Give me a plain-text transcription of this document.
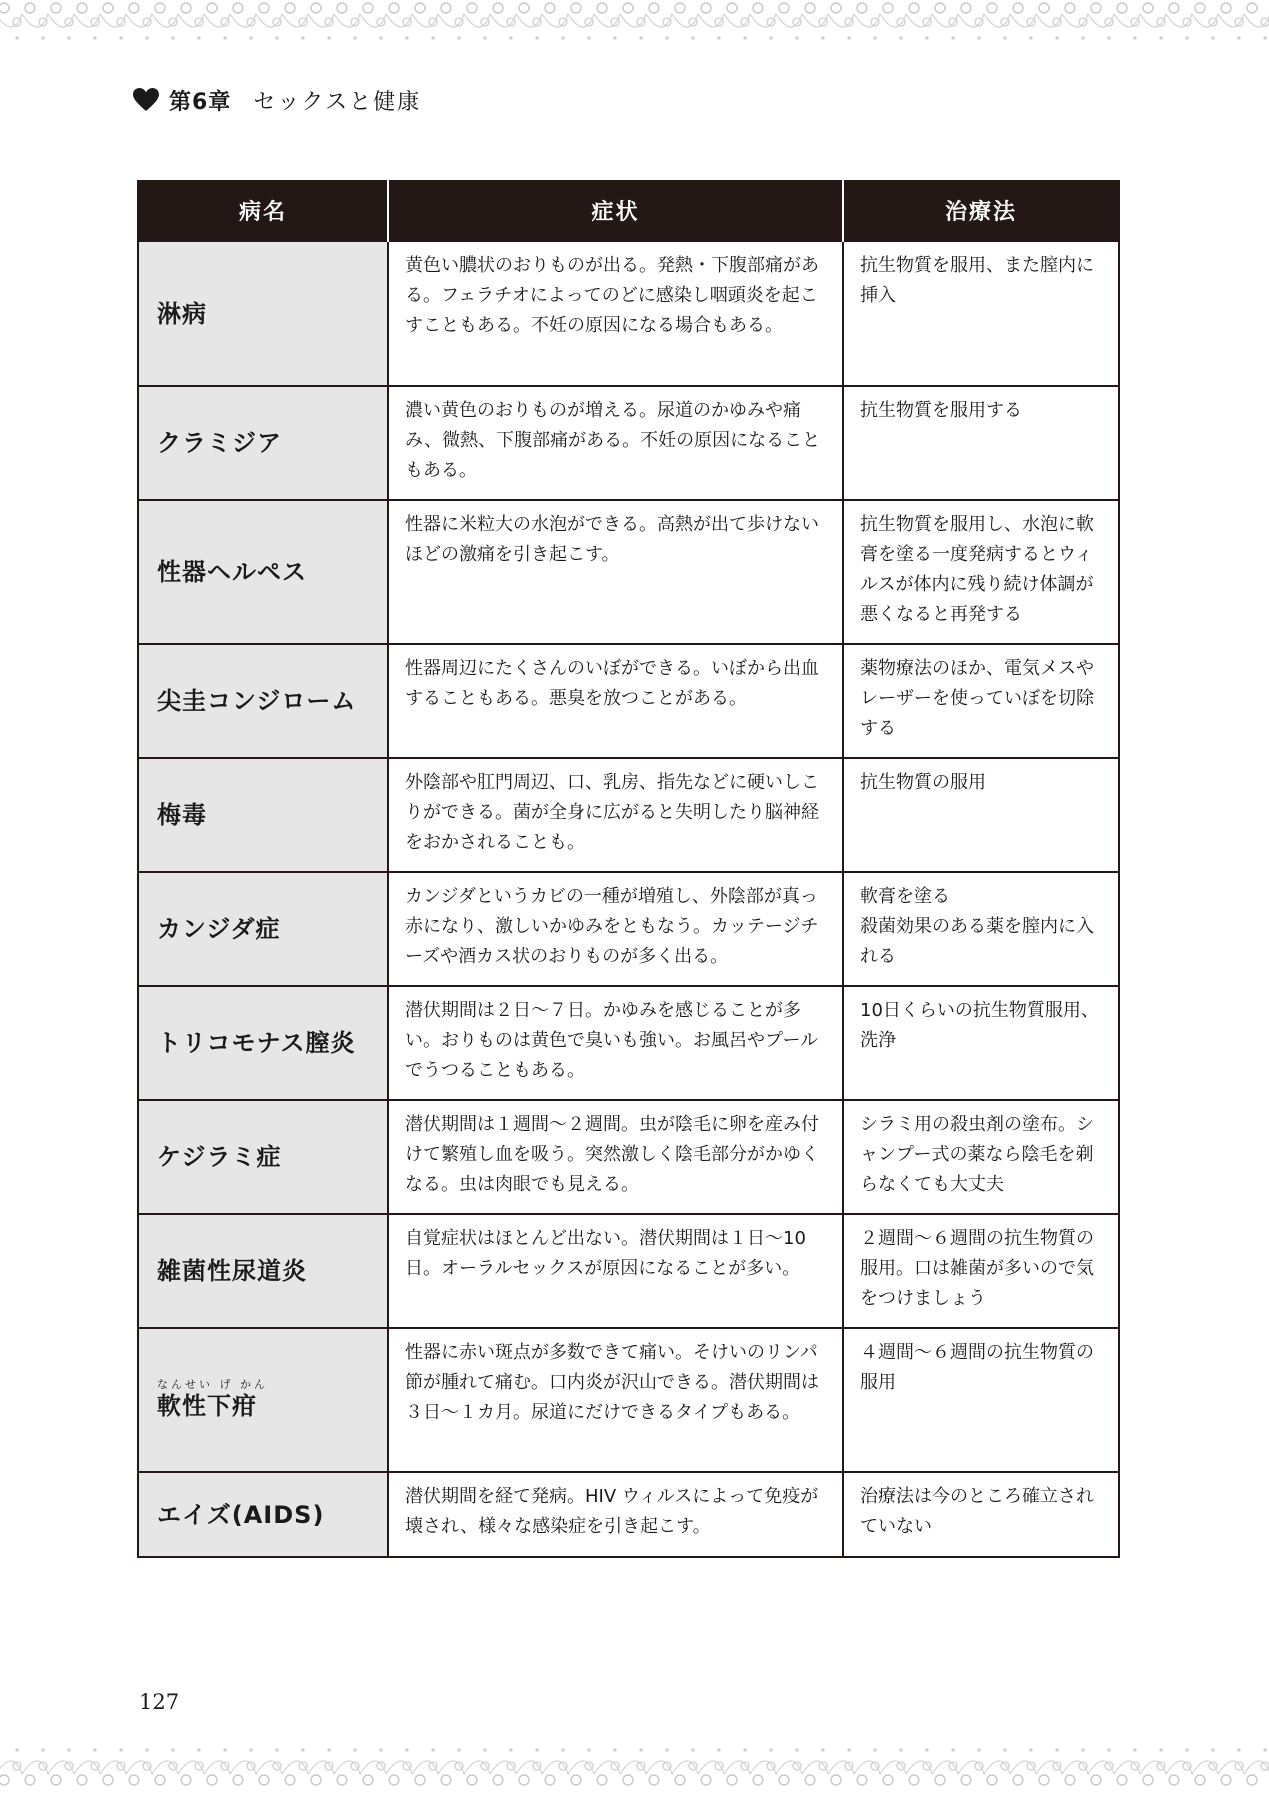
第6章 セックスと健康
病名	症状	治療法
淋病	黄色い膿状のおりものが出る。発熱・下腹部痛がある。フェラチオによってのどに感染し咽頭炎を起こすこともある。不妊の原因になる場合もある。	抗生物質を服用、また膣内に挿入
クラミジア	濃い黄色のおりものが増える。尿道のかゆみや痛み、微熱、下腹部痛がある。不妊の原因になることもある。	抗生物質を服用する
性器ヘルペス	性器に米粒大の水泡ができる。高熱が出て歩けないほどの激痛を引き起こす。	抗生物質を服用し、水泡に軟膏を塗る一度発病するとウィルスが体内に残り続け体調が悪くなると再発する
尖圭コンジローム	性器周辺にたくさんのいぼができる。いぼから出血することもある。悪臭を放つことがある。	薬物療法のほか、電気メスやレーザーを使っていぼを切除する
梅毒	外陰部や肛門周辺、口、乳房、指先などに硬いしこりができる。菌が全身に広がると失明したり脳神経をおかされることも。	抗生物質の服用
カンジダ症	カンジダというカビの一種が増殖し、外陰部が真っ赤になり、激しいかゆみをともなう。カッテージチーズや酒カス状のおりものが多く出る。	軟膏を塗る
殺菌効果のある薬を膣内に入れる
トリコモナス膣炎	潜伏期間は２日～７日。かゆみを感じることが多い。おりものは黄色で臭いも強い。お風呂やプールでうつることもある。	10日くらいの抗生物質服用、洗浄
ケジラミ症	潜伏期間は１週間～２週間。虫が陰毛に卵を産み付けて繁殖し血を吸う。突然激しく陰毛部分がかゆくなる。虫は肉眼でも見える。	シラミ用の殺虫剤の塗布。シャンプー式の薬なら陰毛を剃らなくても大丈夫
雑菌性尿道炎	自覚症状はほとんど出ない。潜伏期間は１日～10日。オーラルセックスが原因になることが多い。	２週間～６週間の抗生物質の服用。口は雑菌が多いので気をつけましょう

なんせい げ かん
軟性下疳	性器に赤い斑点が多数できて痛い。そけいのリンパ節が腫れて痛む。口内炎が沢山できる。潜伏期間は３日～１カ月。尿道にだけできるタイプもある。	４週間～６週間の抗生物質の服用
エイズ(AIDS)	潜伏期間を経て発病。HIV ウィルスによって免疫が壊され、様々な感染症を引き起こす。	治療法は今のところ確立されていない
127
